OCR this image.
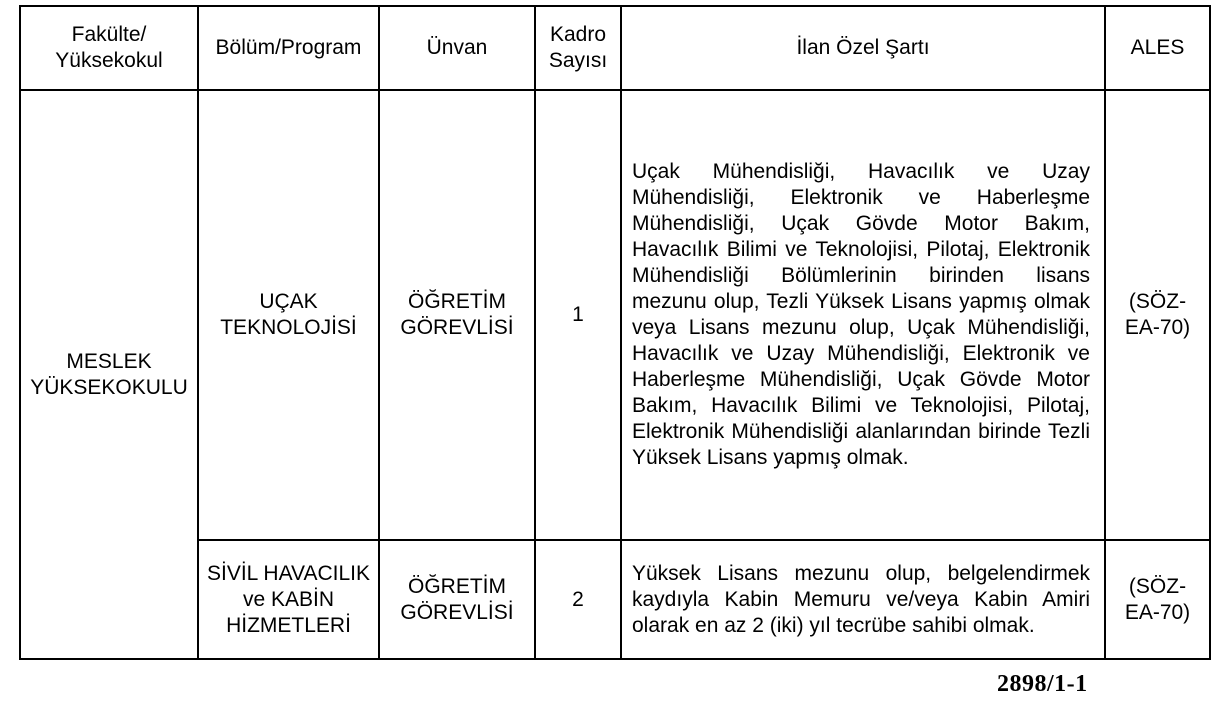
Fakülte/ Yüksekokul	Bölüm/Program	Ünvan	Kadro Sayısı	İlan Özel Şartı	ALES

MESLEK YÜKSEKOKULU	UÇAK TEKNOLOJİSİ	ÖĞRETİM GÖREVLİSİ	1	Uçak Mühendisliği, Havacılık ve Uzay Mühendisliği, Elektronik ve Haberleşme Mühendisliği, Uçak Gövde Motor Bakım, Havacılık Bilimi ve Teknolojisi, Pilotaj, Elektronik Mühendisliği Bölümlerinin birinden lisans mezunu olup, Tezli Yüksek Lisans yapmış olmak veya Lisans mezunu olup, Uçak Mühendisliği, Havacılık ve Uzay Mühendisliği, Elektronik ve Haberleşme Mühendisliği, Uçak Gövde Motor Bakım, Havacılık Bilimi ve Teknolojisi, Pilotaj, Elektronik Mühendisliği alanlarından birinde Tezli Yüksek Lisans yapmış olmak.	(SÖZ-EA-70)

	SİVİL HAVACILIK ve KABİN HİZMETLERİ	ÖĞRETİM GÖREVLİSİ	2	Yüksek Lisans mezunu olup, belgelendirmek kaydıyla Kabin Memuru ve/veya Kabin Amiri olarak en az 2 (iki) yıl tecrübe sahibi olmak.	(SÖZ-EA-70)
2898/1-1
